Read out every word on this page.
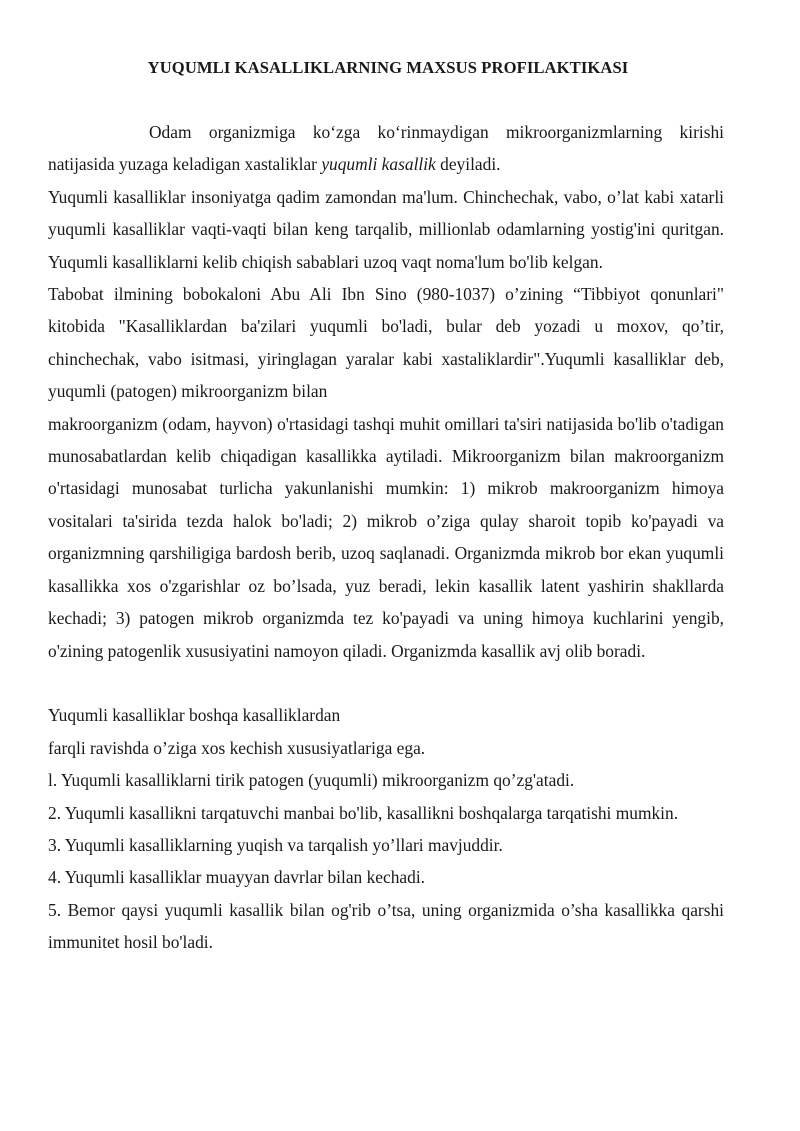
YUQUMLI KASALLIKLARNING MAXSUS PROFILAKTIKASI

Odam organizmiga ko‘zga ko‘rinmaydigan mikroorganizmlarning kirishi natijasida yuzaga keladigan xastaliklar yuqumli kasallik deyiladi.

Yuqumli kasalliklar insoniyatga qadim zamondan ma'lum. Chinchechak, vabo, o’lat kabi xatarli yuqumli kasalliklar vaqti-vaqti bilan keng tarqalib, millionlab odamlarning yostig'ini quritgan. Yuqumli kasalliklarni kelib chiqish sabablari uzoq vaqt noma'lum bo'lib kelgan.

Tabobat ilmining bobokaloni Abu Ali Ibn Sino (980-1037) o’zining “Tibbiyot qonunlari" kitobida "Kasalliklardan ba'zilari yuqumli bo'ladi, bular deb yozadi u moxov, qo’tir, chinchechak, vabo isitmasi, yiringlagan yaralar kabi xastaliklardir".Yuqumli kasalliklar deb, yuqumli (patogen) mikroorganizm bilan

makroorganizm (odam, hayvon) o'rtasidagi tashqi muhit omillari ta'siri natijasida bo'lib o'tadigan munosabatlardan kelib chiqadigan kasallikka aytiladi. Mikroorganizm bilan makroorganizm o'rtasidagi munosabat turlicha yakunlanishi mumkin: 1) mikrob makroorganizm himoya vositalari ta'sirida tezda halok bo'ladi; 2) mikrob o’ziga qulay sharoit topib ko'payadi va organizmning qarshiligiga bardosh berib, uzoq saqlanadi. Organizmda mikrob bor ekan yuqumli kasallikka xos o'zgarishlar oz bo’lsada, yuz beradi, lekin kasallik latent yashirin shakllarda kechadi; 3) patogen mikrob organizmda tez ko'payadi va uning himoya kuchlarini yengib, o'zining patogenlik xususiyatini namoyon qiladi. Organizmda kasallik avj olib boradi.

Yuqumli kasalliklar boshqa kasalliklardan

farqli ravishda o’ziga xos kechish xususiyatlariga ega.

l. Yuqumli kasalliklarni tirik patogen (yuqumli) mikroorganizm qo’zg'atadi.

2. Yuqumli kasallikni tarqatuvchi manbai bo'lib, kasallikni boshqalarga tarqatishi mumkin.

3. Yuqumli kasalliklarning yuqish va tarqalish yo’llari mavjuddir.

4. Yuqumli kasalliklar muayyan davrlar bilan kechadi.

5. Bemor qaysi yuqumli kasallik bilan og'rib o’tsa, uning organizmida o’sha kasallikka qarshi immunitet hosil bo'ladi.
